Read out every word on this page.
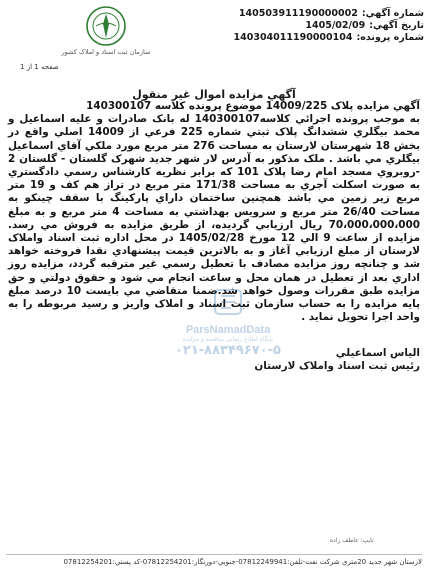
شماره آگهي:140503911190000002
تاريخ آگهي:1405/02/09
شماره پرونده:140304011190000104
سازمان ثبت اسناد و املاک کشور
صفحه 1 از 1
آگهي مزايده اموال غير منقول

آگهي مزايده پلاک 14009/225 موضوع پرونده کلاسه 140300107

به موجب پرونده اجرائي کلاسه140300107 له بانک صادرات و عليه اسماعيل و محمد بيگلري ششدانگ پلاک ثبتي شماره 225 فرعي از 14009 اصلي واقع در بخش 18 شهرستان لارستان به مساحت 276 متر مربع مورد ملکي آقاي اسماعيل بيگلري مي باشد . ملک مذکور به آدرس لار شهر جديد شهرک گلستان - گلستان 2 -روبروي مسجد امام رضا پلاک 101 که برابر نظريه کارشناس رسمي دادگستري به صورت اسکلت آجري به مساحت 171/38 متر مربع در تراز هم کف و 19 متر مربع زير زمين مي باشد همچنين ساختمان داراي پارکينگ با سقف چينکو به مساحت 26/40 متر مربع و سرويس بهداشتي به مساحت 4 متر مربع و به مبلغ 70،000،000،000 ريال ارزيابي گرديده، از طريق مزايده به فروش مي رسد. مزايده از ساعت 9 الي 12 مورخ 1405/02/28 در محل اداره ثبت اسناد واملاک لارستان از مبلغ ارزيابي آغاز و به بالاترين قيمت پيشنهادي نقدا فروخته خواهد شد و چنانچه روز مزايده مصادف با تعطيل رسمي غير مترقبه گردد، مزايده روز اداري بعد از تعطيل در همان محل و ساعت انجام مي شود و حقوق دولتي و حق مزايده طبق مقررات وصول خواهد شد.ضمنا متقاضي مي بايست 10 درصد مبلغ پايه مزايده را به حساب سازمان ثبت اسناد و املاک واريز و رسيد مربوطه را به واحد اجرا تحويل نمايد .

الياس اسماعيلي
رئيس ثبت اسناد واملاک لارستان
ParsNamadData
پایگاه اطلاع رسانی مناقصه و مزایده
۰۲۱-۸۸۳۴۹۶۷۰-۵
تایپ: عاطف زاده
لارستان شهر جديد 20متري شرکت نفت-تلفن:07812249941-جنوبي-دورنگار:07812254201-کد پستي:07812254201
